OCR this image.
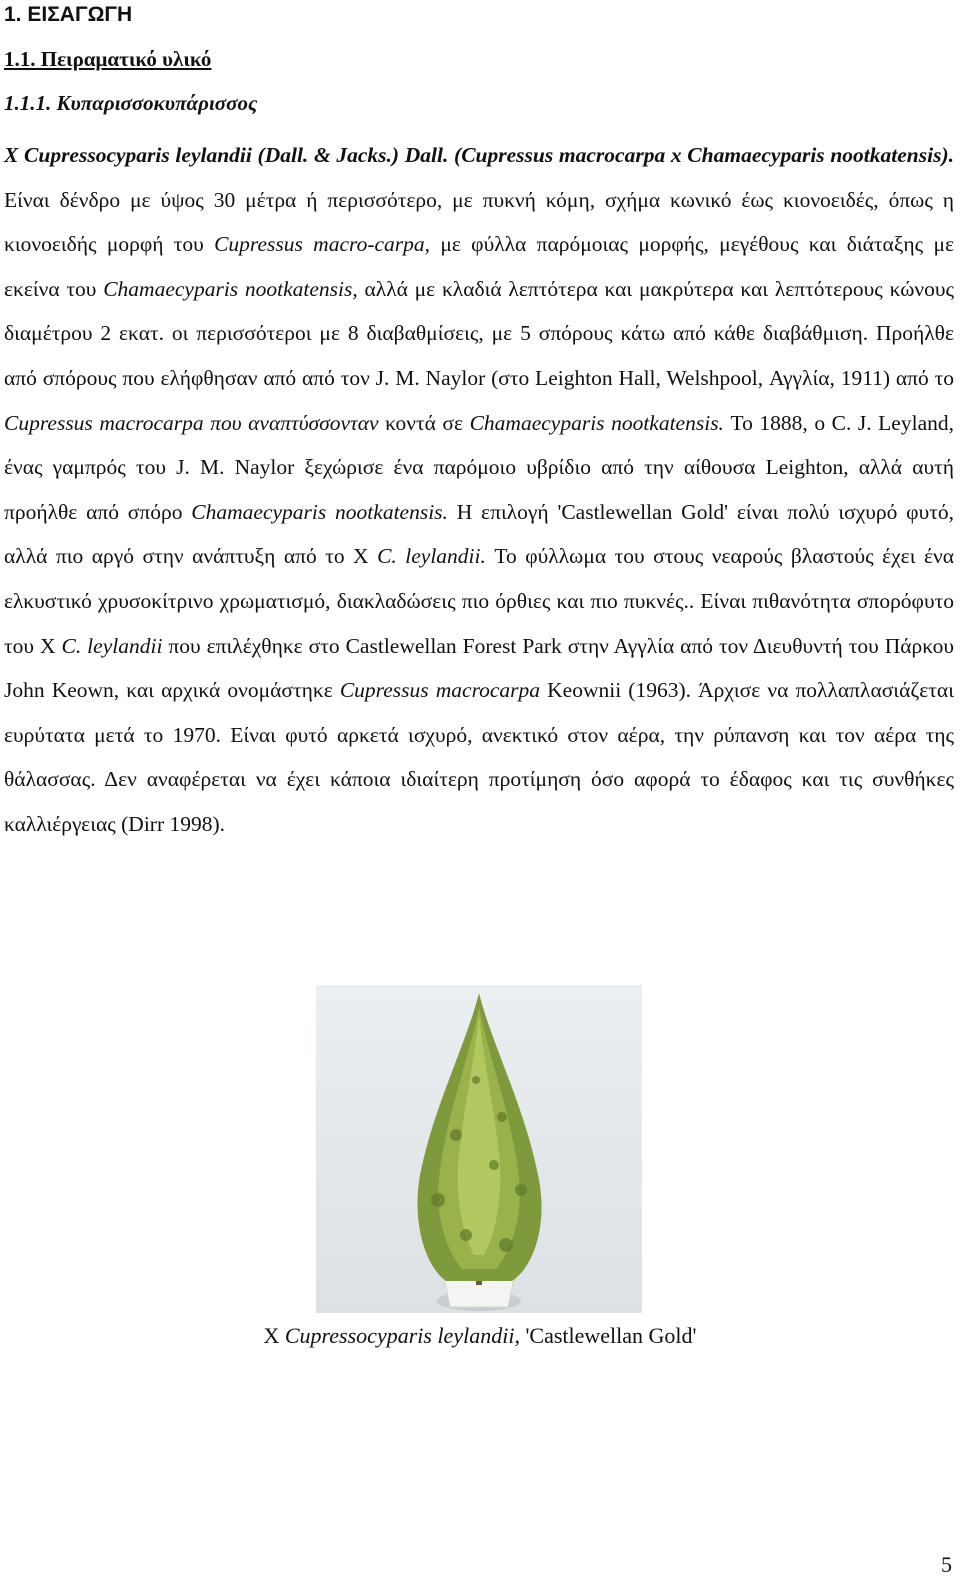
1. ΕΙΣΑΓΩΓΗ
1.1. Πειραματικό υλικό
1.1.1. Κυπαρισσοκυπάρισσος

X Cupressocyparis leylandii (Dall. & Jacks.) Dall. (Cupressus macrocarpa x Chamaecyparis nootkatensis). Είναι δένδρο με ύψος 30 μέτρα ή περισσότερο, με πυκνή κόμη, σχήμα κωνικό έως κιονοειδές, όπως η κιονοειδής μορφή του Cupressus macro-carpa, με φύλλα παρόμοιας μορφής, μεγέθους και διάταξης με εκείνα του Chamaecyparis nootkatensis, αλλά με κλαδιά λεπτότερα και μακρύτερα και λεπτότερους κώνους διαμέτρου 2 εκατ. οι περισσότεροι με 8 διαβαθμίσεις, με 5 σπόρους κάτω από κάθε διαβάθμιση. Προήλθε από σπόρους που ελήφθησαν από από τον J. M. Naylor (στο Leighton Hall, Welshpool, Αγγλία, 1911) από το Cupressus macrocarpa που αναπτύσσονταν κοντά σε Chamaecyparis nootkatensis. Το 1888, ο C. J. Leyland, ένας γαμπρός του J. M. Naylor ξεχώρισε ένα παρόμοιο υβρίδιο από την αίθουσα Leighton, αλλά αυτή προήλθε από σπόρο Chamaecyparis nootkatensis. Η επιλογή 'Castlewellan Gold' είναι πολύ ισχυρό φυτό, αλλά πιο αργό στην ανάπτυξη από το X C. leylandii. Το φύλλωμα του στους νεαρούς βλαστούς έχει ένα ελκυστικό χρυσοκίτρινο χρωματισμό, διακλαδώσεις πιο όρθιες και πιο πυκνές.. Είναι πιθανότητα σπορόφυτο του X C. leylandii που επιλέχθηκε στο Castlewellan Forest Park στην Αγγλία από τον Διευθυντή του Πάρκου John Keown, και αρχικά ονομάστηκε Cupressus macrocarpa Keownii (1963). Άρχισε να πολλαπλασιάζεται ευρύτατα μετά το 1970. Είναι φυτό αρκετά ισχυρό, ανεκτικό στον αέρα, την ρύπανση και τον αέρα της θάλασσας. Δεν αναφέρεται να έχει κάποια ιδιαίτερη προτίμηση όσο αφορά το έδαφος και τις συνθήκες καλλιέργειας (Dirr 1998).

X Cupressocyparis leylandii, 'Castlewellan Gold'
5
